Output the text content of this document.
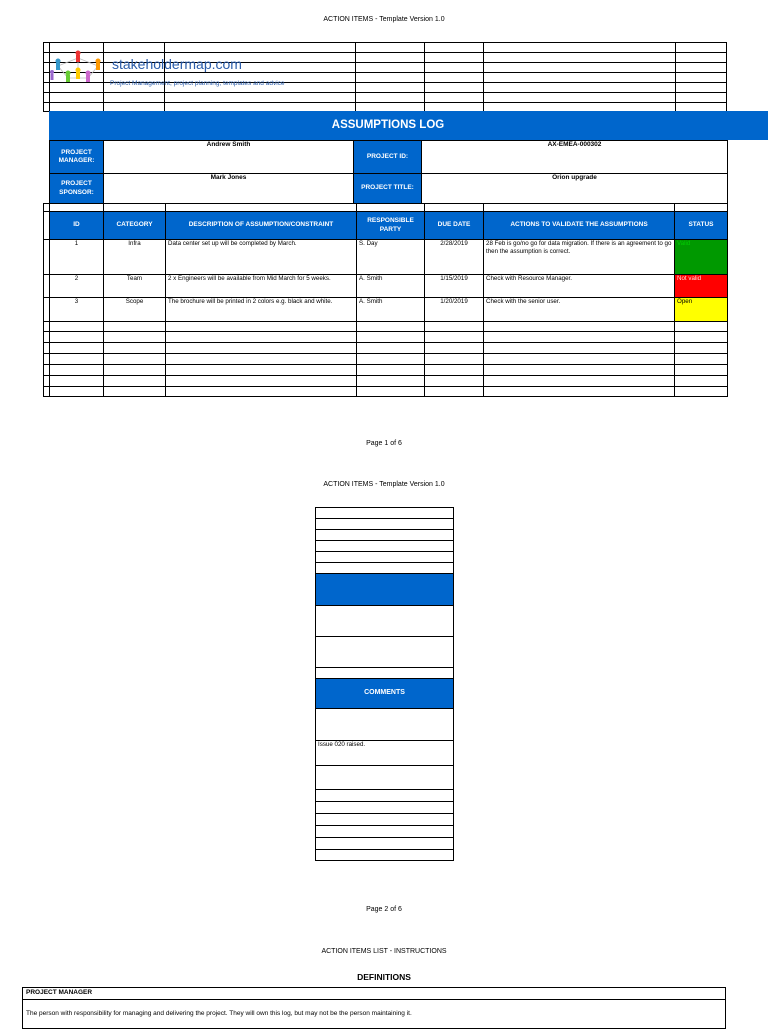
ACTION ITEMS - Template Version 1.0

stakeholdermap.com
Project Management, project planning, templates and advice
ASSUMPTIONS LOG
PROJECT MANAGER:	Andrew Smith	PROJECT ID:	AX-EMEA-000302
PROJECT SPONSOR:	Mark Jones	PROJECT TITLE:	Orion upgrade

	ID	CATEGORY	DESCRIPTION OF ASSUMPTION/CONSTRAINT	RESPONSIBLE PARTY	DUE DATE	ACTIONS TO VALIDATE THE ASSUMPTIONS	STATUS
	1	Infra	Data center set up will be completed by March.	S. Day	2/28/2019	28 Feb is go/no go for data migration. If there is an agreement to go then the assumption is correct.	Valid
	2	Team	2 x Engineers will be available from Mid March for 5 weeks.	A. Smith	1/15/2019	Check with Resource Manager.	Not valid
	3	Scope	The brochure will be printed in 2 colors e.g. black and white.	A. Smith	1/20/2019	Check with the senior user.	Open

Page 1 of 6
ACTION ITEMS - Template Version 1.0

COMMENTS

Issue 020 raised.

Page 2 of 6
ACTION ITEMS LIST - INSTRUCTIONS
DEFINITIONS
PROJECT MANAGER
The person with responsibility for managing and delivering the project. They will own this log, but may not be the person maintaining it.
